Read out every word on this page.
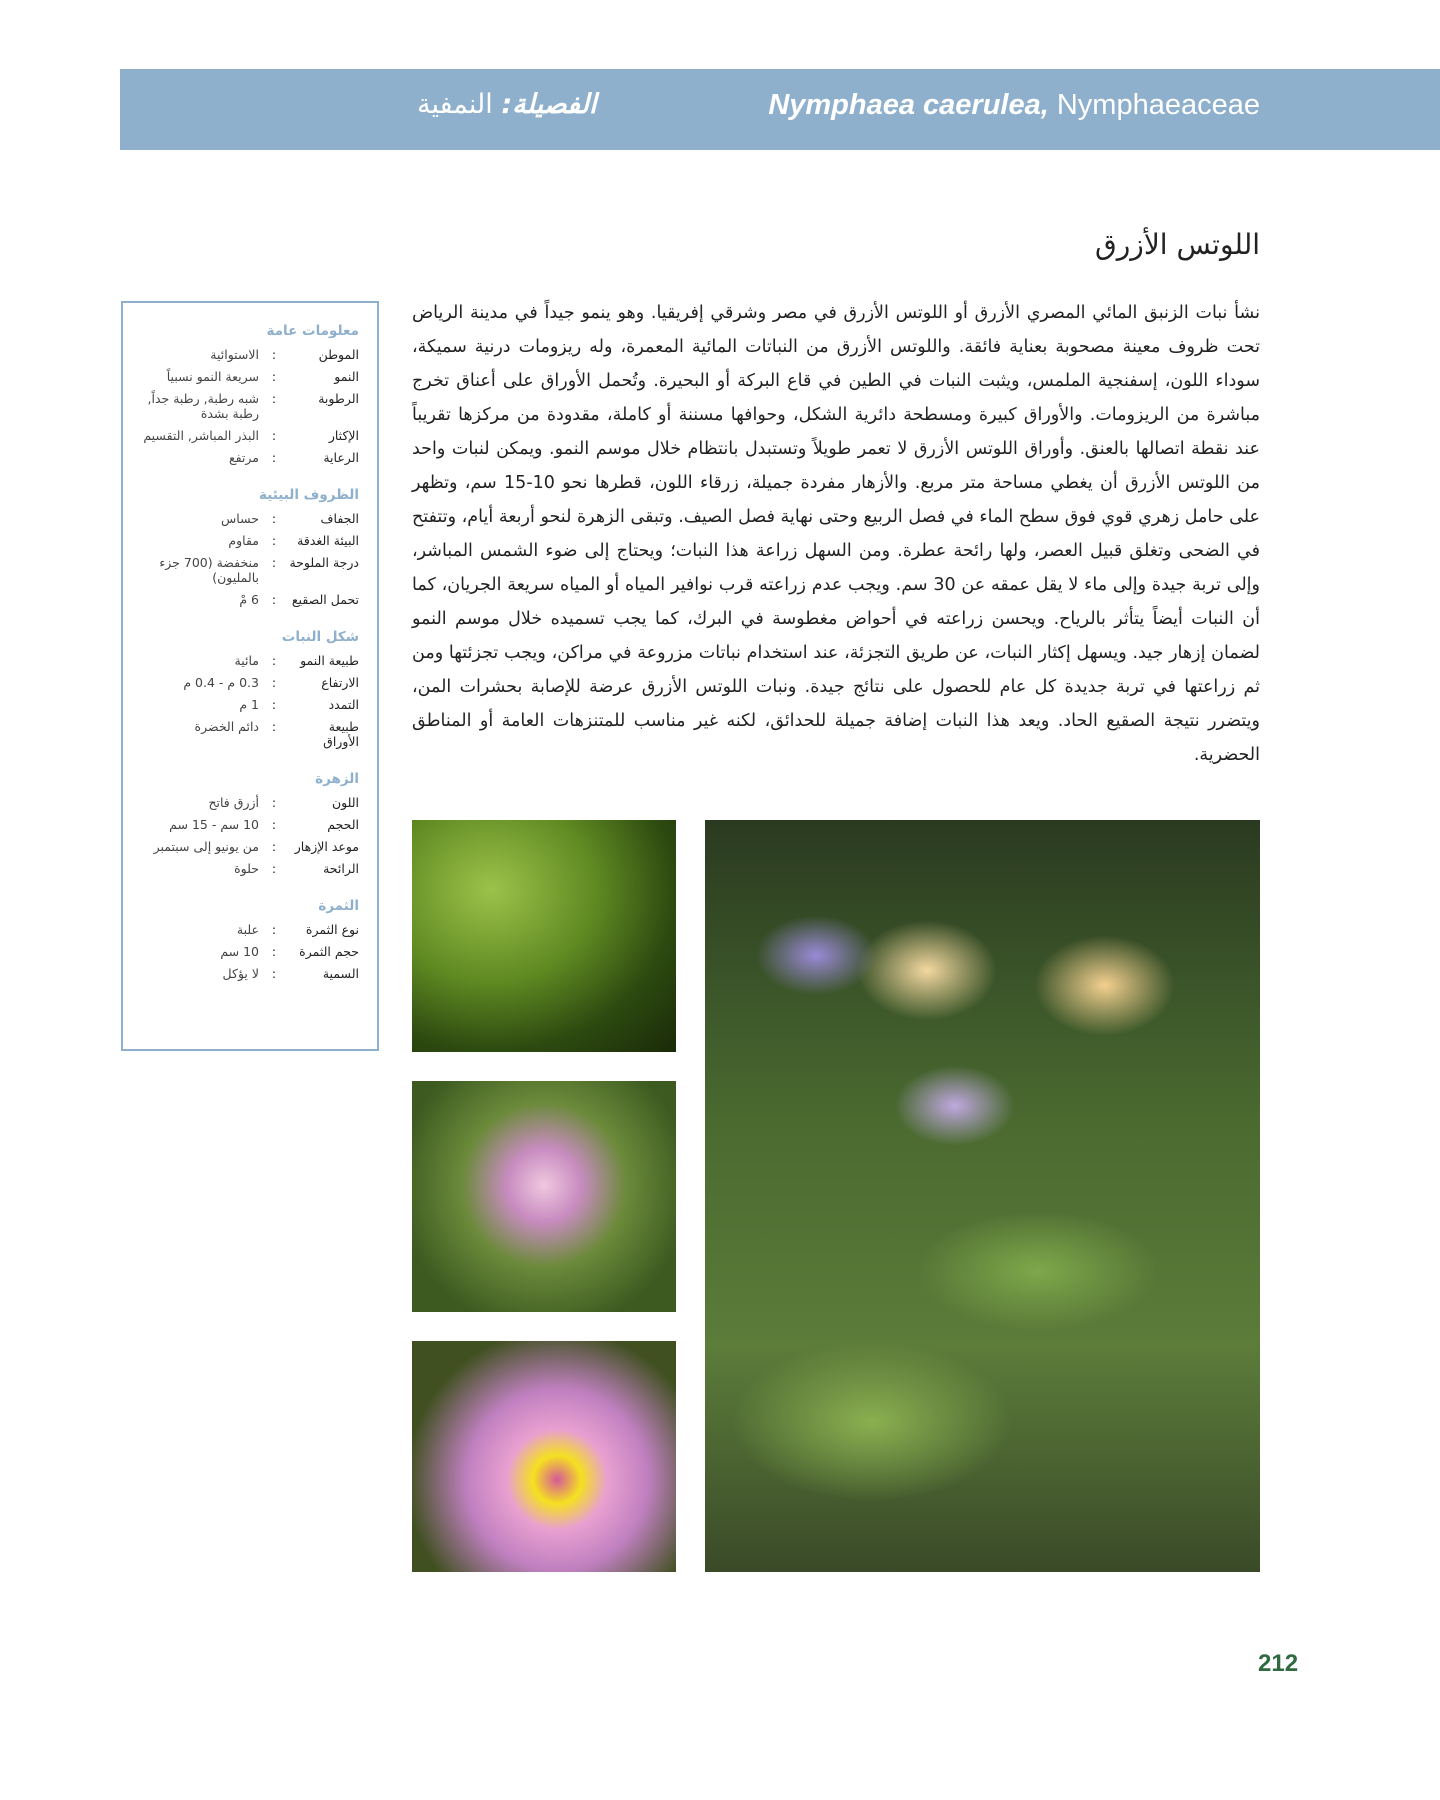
Nymphaea caerulea, Nymphaeaceae
الفصيلة: النمفية
اللوتس الأزرق
نشأ نبات الزنبق المائي المصري الأزرق أو اللوتس الأزرق في مصر وشرقي إفريقيا. وهو ينمو جيداً في مدينة الرياض تحت ظروف معينة مصحوبة بعناية فائقة. واللوتس الأزرق من النباتات المائية المعمرة، وله ريزومات درنية سميكة، سوداء اللون، إسفنجية الملمس، ويثبت النبات في الطين في قاع البركة أو البحيرة. وتُحمل الأوراق على أعناق تخرج مباشرة من الريزومات. والأوراق كبيرة ومسطحة دائرية الشكل، وحوافها مسننة أو كاملة، مقدودة من مركزها تقريباً عند نقطة اتصالها بالعنق. وأوراق اللوتس الأزرق لا تعمر طويلاً وتستبدل بانتظام خلال موسم النمو. ويمكن لنبات واحد من اللوتس الأزرق أن يغطي مساحة متر مربع. والأزهار مفردة جميلة، زرقاء اللون، قطرها نحو 10-15 سم، وتظهر على حامل زهري قوي فوق سطح الماء في فصل الربيع وحتى نهاية فصل الصيف. وتبقى الزهرة لنحو أربعة أيام، وتتفتح في الضحى وتغلق قبيل العصر، ولها رائحة عطرة. ومن السهل زراعة هذا النبات؛ ويحتاج إلى ضوء الشمس المباشر، وإلى تربة جيدة وإلى ماء لا يقل عمقه عن 30 سم. ويجب عدم زراعته قرب نوافير المياه أو المياه سريعة الجريان، كما أن النبات أيضاً يتأثر بالرياح. ويحسن زراعته في أحواض مغطوسة في البرك، كما يجب تسميده خلال موسم النمو لضمان إزهار جيد. ويسهل إكثار النبات، عن طريق التجزئة، عند استخدام نباتات مزروعة في مراكن، ويجب تجزئتها ومن ثم زراعتها في تربة جديدة كل عام للحصول على نتائج جيدة. ونبات اللوتس الأزرق عرضة للإصابة بحشرات المن، ويتضرر نتيجة الصقيع الحاد. ويعد هذا النبات إضافة جميلة للحدائق، لكنه غير مناسب للمتنزهات العامة أو المناطق الحضرية.
معلومات عامة
الموطن
:
الاستوائية
النمو
:
سريعة النمو نسبياً
الرطوبة
:
شبه رطبة, رطبة جداً, رطبة بشدة
الإكثار
:
البذر المباشر, التقسيم
الرعاية
:
مرتفع
الظروف البيئية
الجفاف
:
حساس
البيئة الغدقة
:
مقاوم
درجة الملوحة
:
منخفضة (700 جزء بالمليون)
تحمل الصقيع
:
6 مْ
شكل النبات
طبيعة النمو
:
مائية
الارتفاع
:
0.3 م - 0.4 م
التمدد
:
1 م
طبيعة الأوراق
:
دائم الخضرة
الزهرة
اللون
:
أزرق فاتح
الحجم
:
10 سم - 15 سم
موعد الإزهار
:
من يونيو إلى سبتمبر
الرائحة
:
حلوة
الثمرة
نوع الثمرة
:
علبة
حجم الثمرة
:
10 سم
السمية
:
لا يؤكل
212
